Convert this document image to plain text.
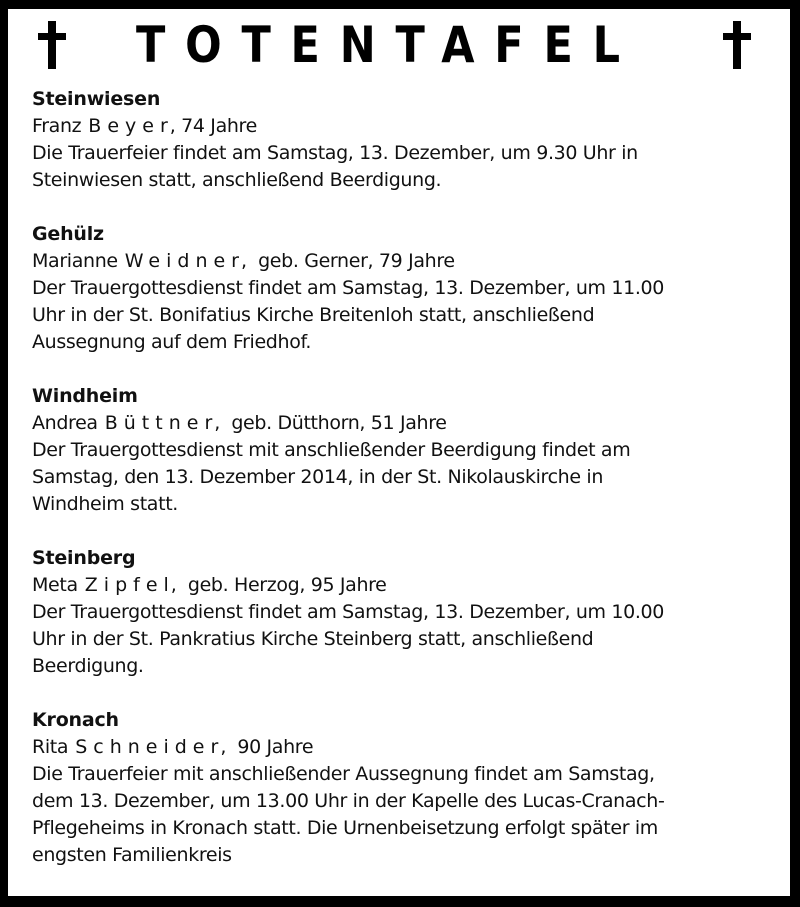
TOTENTAFEL
Steinwiesen
Franz Beyer, 74 Jahre
Die Trauerfeier findet am Samstag, 13. Dezember, um 9.30 Uhr in
Steinwiesen statt, anschließend Beerdigung.
Gehülz
Marianne Weidner,  geb. Gerner, 79 Jahre
Der Trauergottesdienst findet am Samstag, 13. Dezember, um 11.00
Uhr in der St. Bonifatius Kirche Breitenloh statt, anschließend
Aussegnung auf dem Friedhof.
Windheim
Andrea Büttner,  geb. Dütthorn, 51 Jahre
Der Trauergottesdienst mit anschließender Beerdigung findet am
Samstag, den 13. Dezember 2014, in der St. Nikolauskirche in
Windheim statt.
Steinberg
Meta Zipfel,  geb. Herzog, 95 Jahre
Der Trauergottesdienst findet am Samstag, 13. Dezember, um 10.00
Uhr in der St. Pankratius Kirche Steinberg statt, anschließend
Beerdigung.
Kronach
Rita Schneider,  90 Jahre
Die Trauerfeier mit anschließender Aussegnung findet am Samstag,
dem 13. Dezember, um 13.00 Uhr in der Kapelle des Lucas-Cranach-
Pflegeheims in Kronach statt. Die Urnenbeisetzung erfolgt später im
engsten Familienkreis
